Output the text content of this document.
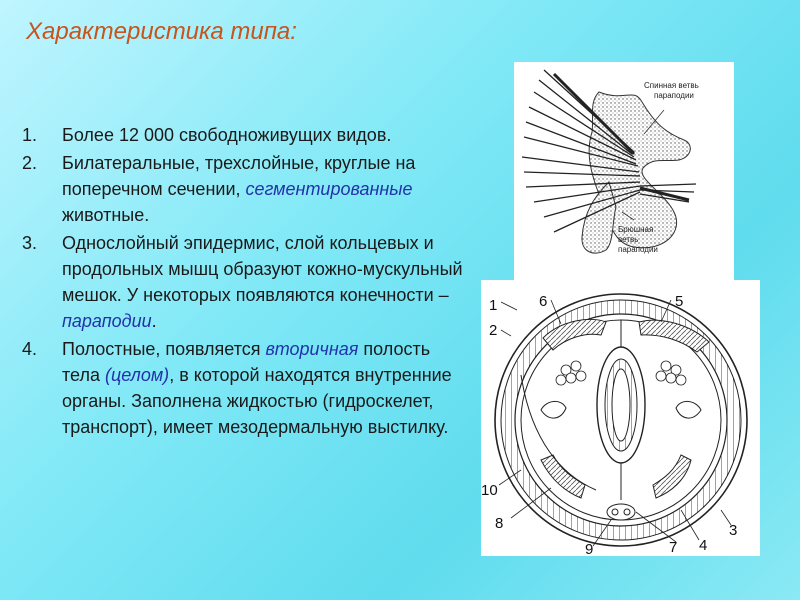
Характеристика типа:
1. Более 12 000 свободноживущих видов.
2. Билатеральные, трехслойные, круглые на поперечном сечении, сегментированные животные.
3. Однослойный эпидермис, слой кольцевых и продольных мышц образуют кожно-мускульный мешок. У некоторых появляются конечности – параподии.
4. Полостные, появляется вторичная полость тела (целом), в которой находятся внутренние органы. Заполнена жидкостью (гидроскелет, транспорт), имеет мезодермальную выстилку.
Спинная ветвь
параподии
Брюшная
ветвь
параподии
1
2
3
4
5
6
7
8
9
10
